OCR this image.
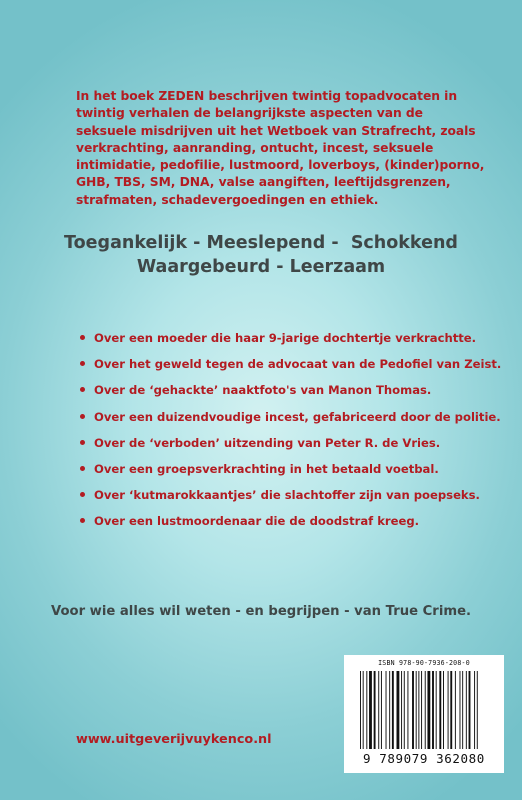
In het boek ZEDEN beschrijven twintig topadvocaten in twintig verhalen de belangrijkste aspecten van de seksuele misdrijven uit het Wetboek van Strafrecht, zoals verkrachting, aanranding, ontucht, incest, seksuele intimidatie, pedofilie, lustmoord, loverboys, (kinder)porno, GHB, TBS, SM, DNA, valse aangiften, leeftijdsgrenzen, strafmaten, schadevergoedingen en ethiek.

Toegankelijk - Meeslepend -  Schokkend
Waargebeurd - Leerzaam
Over een moeder die haar 9-jarige dochtertje verkrachtte.
Over het geweld tegen de advocaat van de Pedofiel van Zeist.
Over de ‘gehackte’ naaktfoto's van Manon Thomas.
Over een duizendvoudige incest, gefabriceerd door de politie.
Over de ‘verboden’ uitzending van Peter R. de Vries.
Over een groepsverkrachting in het betaald voetbal.
Over ‘kutmarokkaantjes’ die slachtoffer zijn van poepseks.
Over een lustmoordenaar die de doodstraf kreeg.
Voor wie alles wil weten - en begrijpen - van True Crime.
www.uitgeverijvuykenco.nl
ISBN 978-90-7936-208-0
9 789079 362080
